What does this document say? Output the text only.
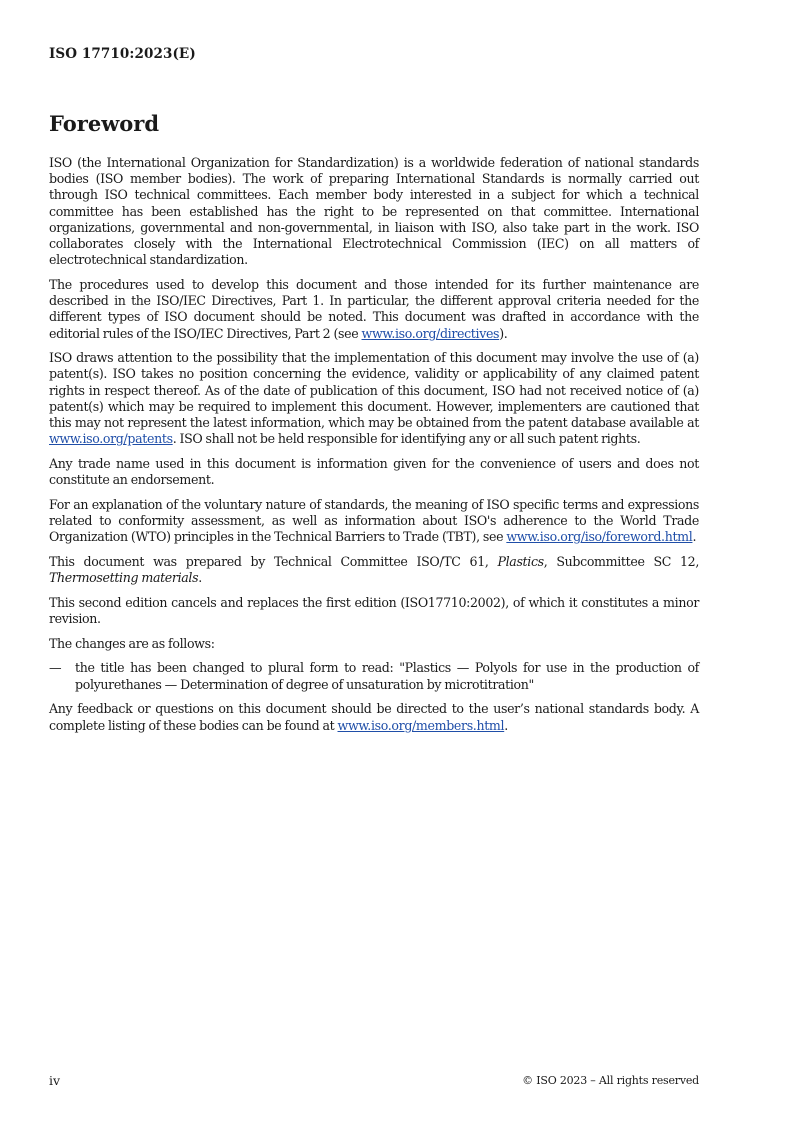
ISO 17710:2023(E)
Foreword

ISO (the International Organization for Standardization) is a worldwide federation of national standards bodies (ISO member bodies). The work of preparing International Standards is normally carried out through ISO technical committees. Each member body interested in a subject for which a technical committee has been established has the right to be represented on that committee. International organizations, governmental and non-governmental, in liaison with ISO, also take part in the work. ISO collaborates closely with the International Electrotechnical Commission (IEC) on all matters of electrotechnical standardization.

The procedures used to develop this document and those intended for its further maintenance are described in the ISO/IEC Directives, Part 1. In particular, the different approval criteria needed for the different types of ISO document should be noted. This document was drafted in accordance with the editorial rules of the ISO/IEC Directives, Part 2 (see www.iso.org/directives).

ISO draws attention to the possibility that the implementation of this document may involve the use of (a) patent(s). ISO takes no position concerning the evidence, validity or applicability of any claimed patent rights in respect thereof. As of the date of publication of this document, ISO had not received notice of (a) patent(s) which may be required to implement this document. However, implementers are cautioned that this may not represent the latest information, which may be obtained from the patent database available at www.iso.org/patents. ISO shall not be held responsible for identifying any or all such patent rights.

Any trade name used in this document is information given for the convenience of users and does not constitute an endorsement.

For an explanation of the voluntary nature of standards, the meaning of ISO specific terms and expressions related to conformity assessment, as well as information about ISO's adherence to the World Trade Organization (WTO) principles in the Technical Barriers to Trade (TBT), see www.iso.org/iso/foreword.html.

This document was prepared by Technical Committee ISO/TC 61, Plastics, Subcommittee SC 12, Thermosetting materials.

This second edition cancels and replaces the first edition (ISO17710:2002), of which it constitutes a minor revision.

The changes are as follows:

—	the title has been changed to plural form to read: "Plastics — Polyols for use in the production of polyurethanes — Determination of degree of unsaturation by microtitration"

Any feedback or questions on this document should be directed to the user’s national standards body. A complete listing of these bodies can be found at www.iso.org/members.html.

iv	© ISO 2023 – All rights reserved
